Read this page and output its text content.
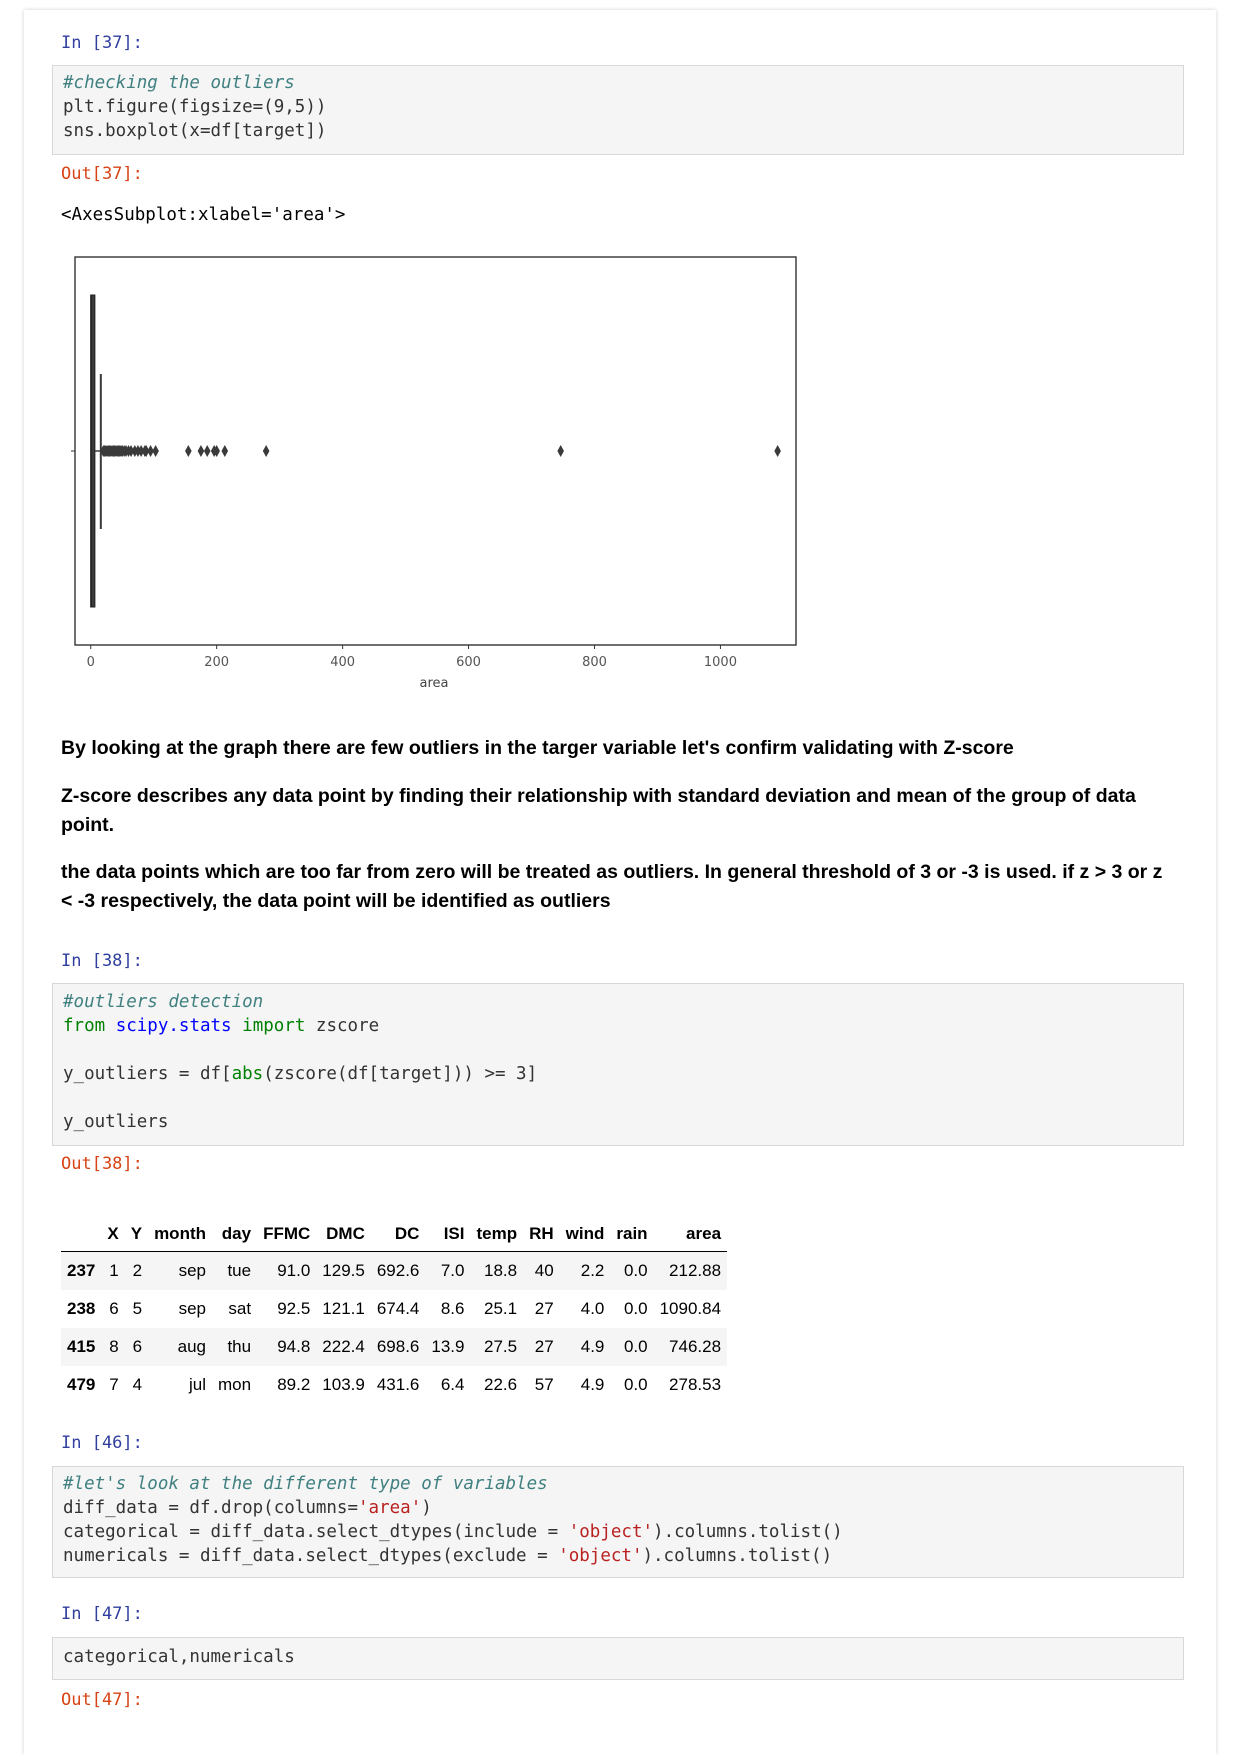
In [37]:
#checking the outliers
plt.figure(figsize=(9,5))
sns.boxplot(x=df[target])
Out[37]:
<AxesSubplot:xlabel='area'>
0	200	400	600	800	1000
area
By looking at the graph there are few outliers in the targer variable let's confirm validating with Z-score
Z-score describes any data point by finding their relationship with standard deviation and mean of the group of data point.
the data points which are too far from zero will be treated as outliers. In general threshold of 3 or -3 is used. if z > 3 or z < -3 respectively, the data point will be identified as outliers
In [38]:
#outliers detection
from scipy.stats import zscore
y_outliers = df[abs(zscore(df[target])) >= 3]
y_outliers
Out[38]:
	X	Y	month	day	FFMC	DMC	DC	ISI	temp	RH	wind	rain	area
237	1	2	sep	tue	91.0	129.5	692.6	7.0	18.8	40	2.2	0.0	212.88
238	6	5	sep	sat	92.5	121.1	674.4	8.6	25.1	27	4.0	0.0	1090.84
415	8	6	aug	thu	94.8	222.4	698.6	13.9	27.5	27	4.9	0.0	746.28
479	7	4	jul	mon	89.2	103.9	431.6	6.4	22.6	57	4.9	0.0	278.53
In [46]:
#let's look at the different type of variables
diff_data = df.drop(columns='area')
categorical = diff_data.select_dtypes(include = 'object').columns.tolist()
numericals = diff_data.select_dtypes(exclude = 'object').columns.tolist()
In [47]:
categorical,numericals
Out[47]:
